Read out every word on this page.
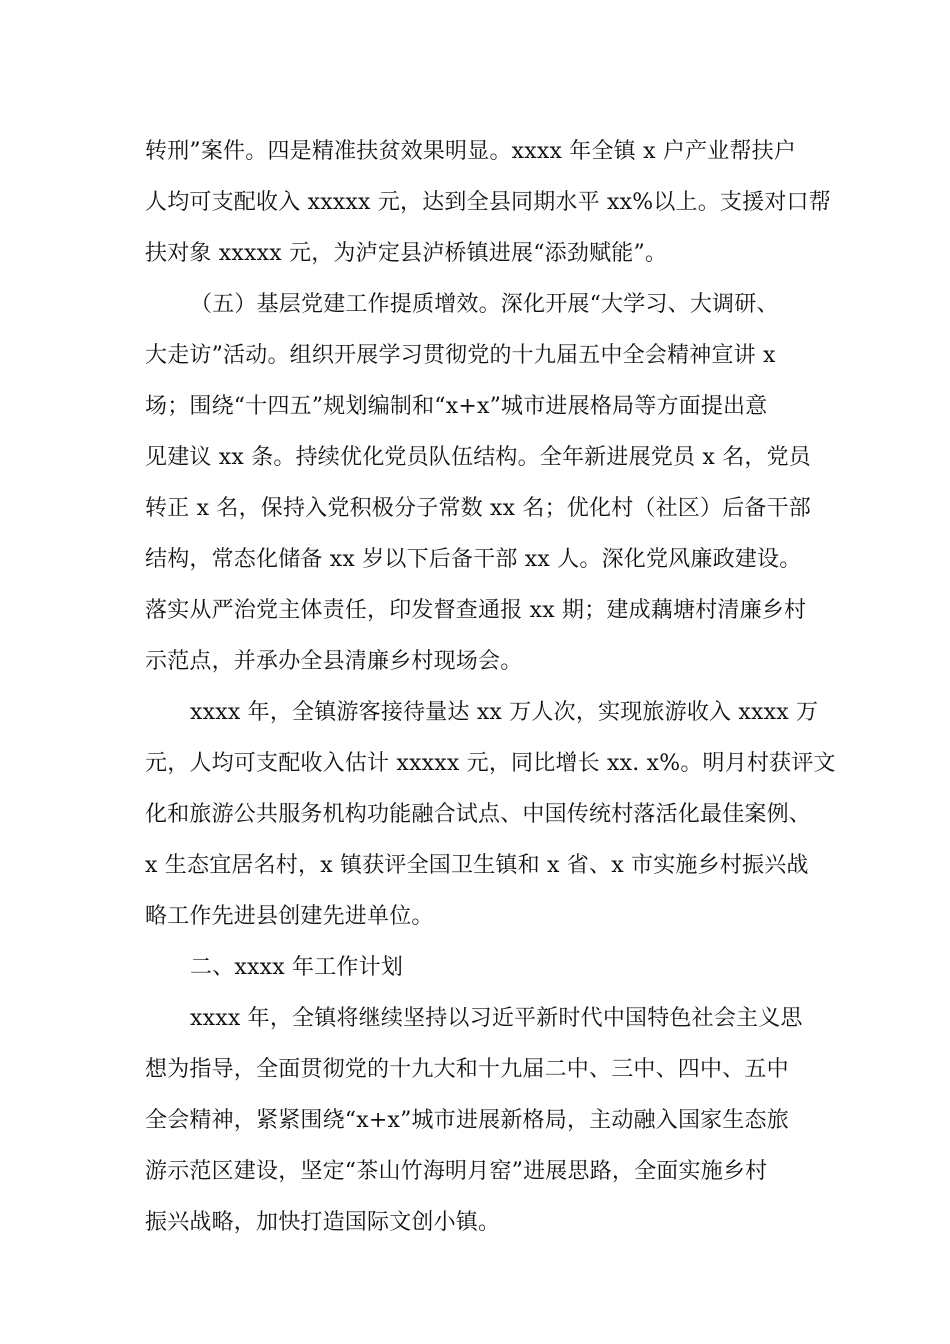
转刑”案件。四是精准扶贫效果明显。xxxx 年全镇 x 户产业帮扶户
人均可支配收入 xxxxx 元，达到全县同期水平 xx%以上。支援对口帮
扶对象 xxxxx 元，为泸定县泸桥镇进展“添劲赋能”。
（五）基层党建工作提质增效。深化开展“大学习、大调研、
大走访”活动。组织开展学习贯彻党的十九届五中全会精神宣讲 x
场；围绕“十四五”规划编制和“x+x”城市进展格局等方面提出意
见建议 xx 条。持续优化党员队伍结构。全年新进展党员 x 名，党员
转正 x 名，保持入党积极分子常数 xx 名；优化村（社区）后备干部
结构，常态化储备 xx 岁以下后备干部 xx 人。深化党风廉政建设。
落实从严治党主体责任，印发督查通报 xx 期；建成藕塘村清廉乡村
示范点，并承办全县清廉乡村现场会。
xxxx 年，全镇游客接待量达 xx 万人次，实现旅游收入 xxxx 万
元，人均可支配收入估计 xxxxx 元，同比增长 xx. x%。明月村获评文
化和旅游公共服务机构功能融合试点、中国传统村落活化最佳案例、
x 生态宜居名村，x 镇获评全国卫生镇和 x 省、x 市实施乡村振兴战
略工作先进县创建先进单位。
二、xxxx 年工作计划
xxxx 年，全镇将继续坚持以习近平新时代中国特色社会主义思
想为指导，全面贯彻党的十九大和十九届二中、三中、四中、五中
全会精神，紧紧围绕“x+x”城市进展新格局，主动融入国家生态旅
游示范区建设，坚定“茶山竹海明月窑”进展思路，全面实施乡村
振兴战略，加快打造国际文创小镇。
